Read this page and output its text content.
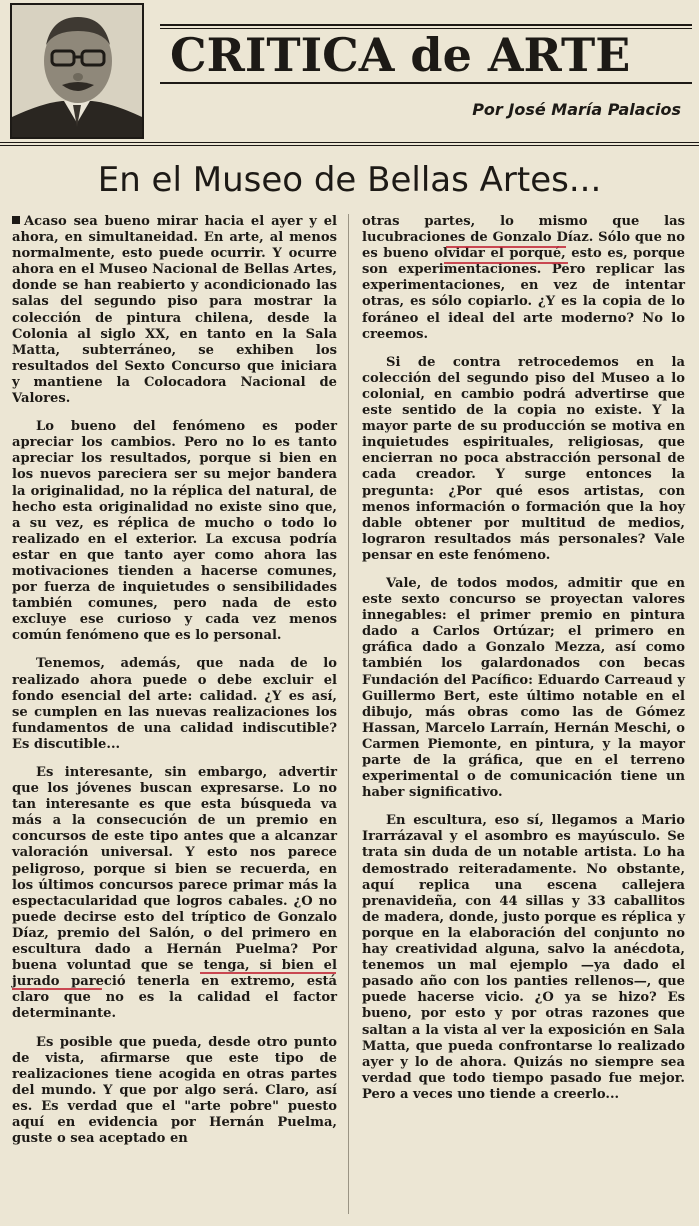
CRITICA de ARTE
Por José María Palacios
En el Museo de Bellas Artes...

Acaso sea bueno mirar hacia el ayer y el ahora, en simultaneidad. En arte, al menos normalmente, esto puede ocurrir. Y ocurre ahora en el Museo Nacional de Bellas Artes, donde se han reabierto y acondicionado las salas del segundo piso para mostrar la colección de pintura chilena, desde la Colonia al siglo XX, en tanto en la Sala Matta, subterráneo, se exhiben los resultados del Sexto Concurso que iniciara y mantiene la Colocadora Nacional de Valores.

Lo bueno del fenómeno es poder apreciar los cambios. Pero no lo es tanto apreciar los resultados, porque si bien en los nuevos pareciera ser su mejor bandera la originalidad, no la réplica del natural, de hecho esta originalidad no existe sino que, a su vez, es réplica de mucho o todo lo realizado en el exterior. La excusa podría estar en que tanto ayer como ahora las motivaciones tienden a hacerse comunes, por fuerza de inquietudes o sensibilidades también comunes, pero nada de esto excluye ese curioso y cada vez menos común fenómeno que es lo personal.

Tenemos, además, que nada de lo realizado ahora puede o debe excluir el fondo esencial del arte: calidad. ¿Y es así, se cumplen en las nuevas realizaciones los fundamentos de una calidad indiscutible? Es discutible...

Es interesante, sin embargo, advertir que los jóvenes buscan expresarse. Lo no tan interesante es que esta búsqueda va más a la consecución de un premio en concursos de este tipo antes que a alcanzar valoración universal. Y esto nos parece peligroso, porque si bien se recuerda, en los últimos concursos parece primar más la espectacularidad que logros cabales. ¿O no puede decirse esto del tríptico de Gonzalo Díaz, premio del Salón, o del primero en escultura dado a Hernán Puelma? Por buena voluntad que se tenga, si bien el jurado pareció tenerla en extremo, está claro que no es la calidad el factor determinante.

Es posible que pueda, desde otro punto de vista, afirmarse que este tipo de realizaciones tiene acogida en otras partes del mundo. Y que por algo será. Claro, así es. Es verdad que el "arte pobre" puesto aquí en evidencia por Hernán Puelma, guste o sea aceptado en

otras partes, lo mismo que las lucubraciones de Gonzalo Díaz. Sólo que no es bueno olvidar el porqué, esto es, porque son experimentaciones. Pero replicar las experimentaciones, en vez de intentar otras, es sólo copiarlo. ¿Y es la copia de lo foráneo el ideal del arte moderno? No lo creemos.

Si de contra retrocedemos en la colección del segundo piso del Museo a lo colonial, en cambio podrá advertirse que este sentido de la copia no existe. Y la mayor parte de su producción se motiva en inquietudes espirituales, religiosas, que encierran no poca abstracción personal de cada creador. Y surge entonces la pregunta: ¿Por qué esos artistas, con menos información o formación que la hoy dable obtener por multitud de medios, lograron resultados más personales? Vale pensar en este fenómeno.

Vale, de todos modos, admitir que en este sexto concurso se proyectan valores innegables: el primer premio en pintura dado a Carlos Ortúzar; el primero en gráfica dado a Gonzalo Mezza, así como también los galardonados con becas Fundación del Pacífico: Eduardo Carreaud y Guillermo Bert, este último notable en el dibujo, más obras como las de Gómez Hassan, Marcelo Larraín, Hernán Meschi, o Carmen Piemonte, en pintura, y la mayor parte de la gráfica, que en el terreno experimental o de comunicación tiene un haber significativo.

En escultura, eso sí, llegamos a Mario Irarrázaval y el asombro es mayúsculo. Se trata sin duda de un notable artista. Lo ha demostrado reiteradamente. No obstante, aquí replica una escena callejera prenavideña, con 44 sillas y 33 caballitos de madera, donde, justo porque es réplica y porque en la elaboración del conjunto no hay creatividad alguna, salvo la anécdota, tenemos un mal ejemplo —ya dado el pasado año con los panties rellenos—, que puede hacerse vicio. ¿O ya se hizo? Es bueno, por esto y por otras razones que saltan a la vista al ver la exposición en Sala Matta, que pueda confrontarse lo realizado ayer y lo de ahora. Quizás no siempre sea verdad que todo tiempo pasado fue mejor. Pero a veces uno tiende a creerlo...
